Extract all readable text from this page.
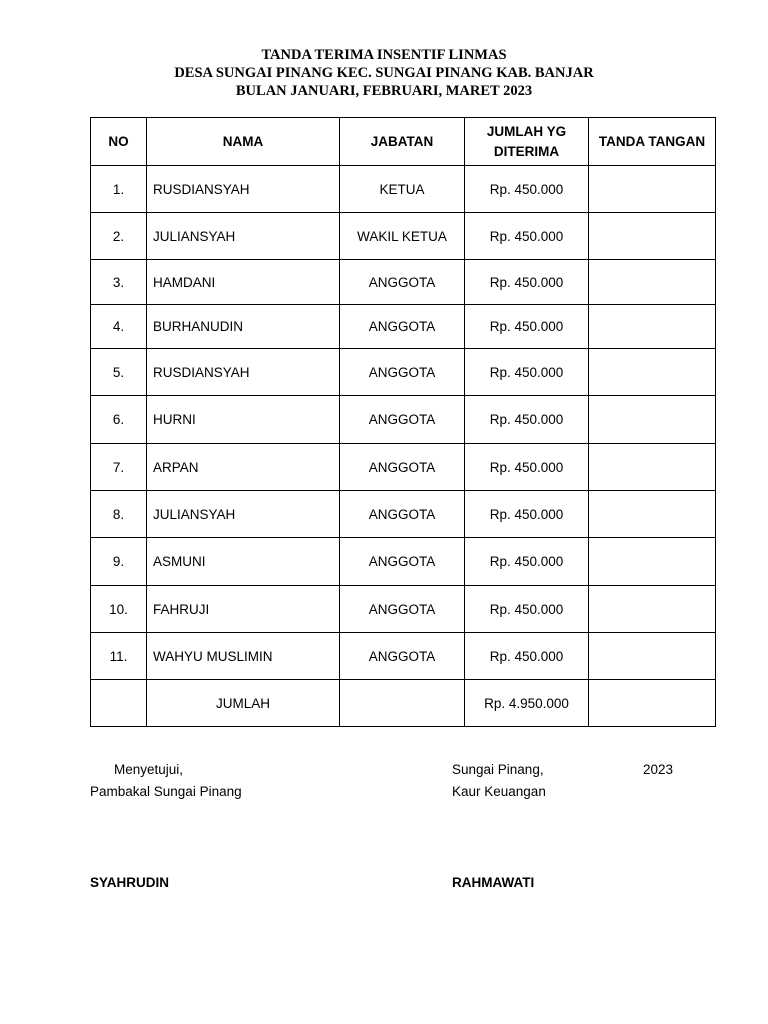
TANDA TERIMA INSENTIF LINMAS
DESA SUNGAI PINANG KEC. SUNGAI PINANG KAB. BANJAR
BULAN JANUARI, FEBRUARI, MARET 2023
NO	NAMA	JABATAN	JUMLAH YG DITERIMA	TANDA TANGAN
1.	RUSDIANSYAH	KETUA	Rp. 450.000	
2.	JULIANSYAH	WAKIL KETUA	Rp. 450.000	
3.	HAMDANI	ANGGOTA	Rp. 450.000	
4.	BURHANUDIN	ANGGOTA	Rp. 450.000	
5.	RUSDIANSYAH	ANGGOTA	Rp. 450.000	
6.	HURNI	ANGGOTA	Rp. 450.000	
7.	ARPAN	ANGGOTA	Rp. 450.000	
8.	JULIANSYAH	ANGGOTA	Rp. 450.000	
9.	ASMUNI	ANGGOTA	Rp. 450.000	
10.	FAHRUJI	ANGGOTA	Rp. 450.000	
11.	WAHYU MUSLIMIN	ANGGOTA	Rp. 450.000	
	JUMLAH		Rp. 4.950.000	
Menyetujui,
Pambakal Sungai Pinang
SYAHRUDIN
Sungai Pinang,	2023
Kaur Keuangan
RAHMAWATI
